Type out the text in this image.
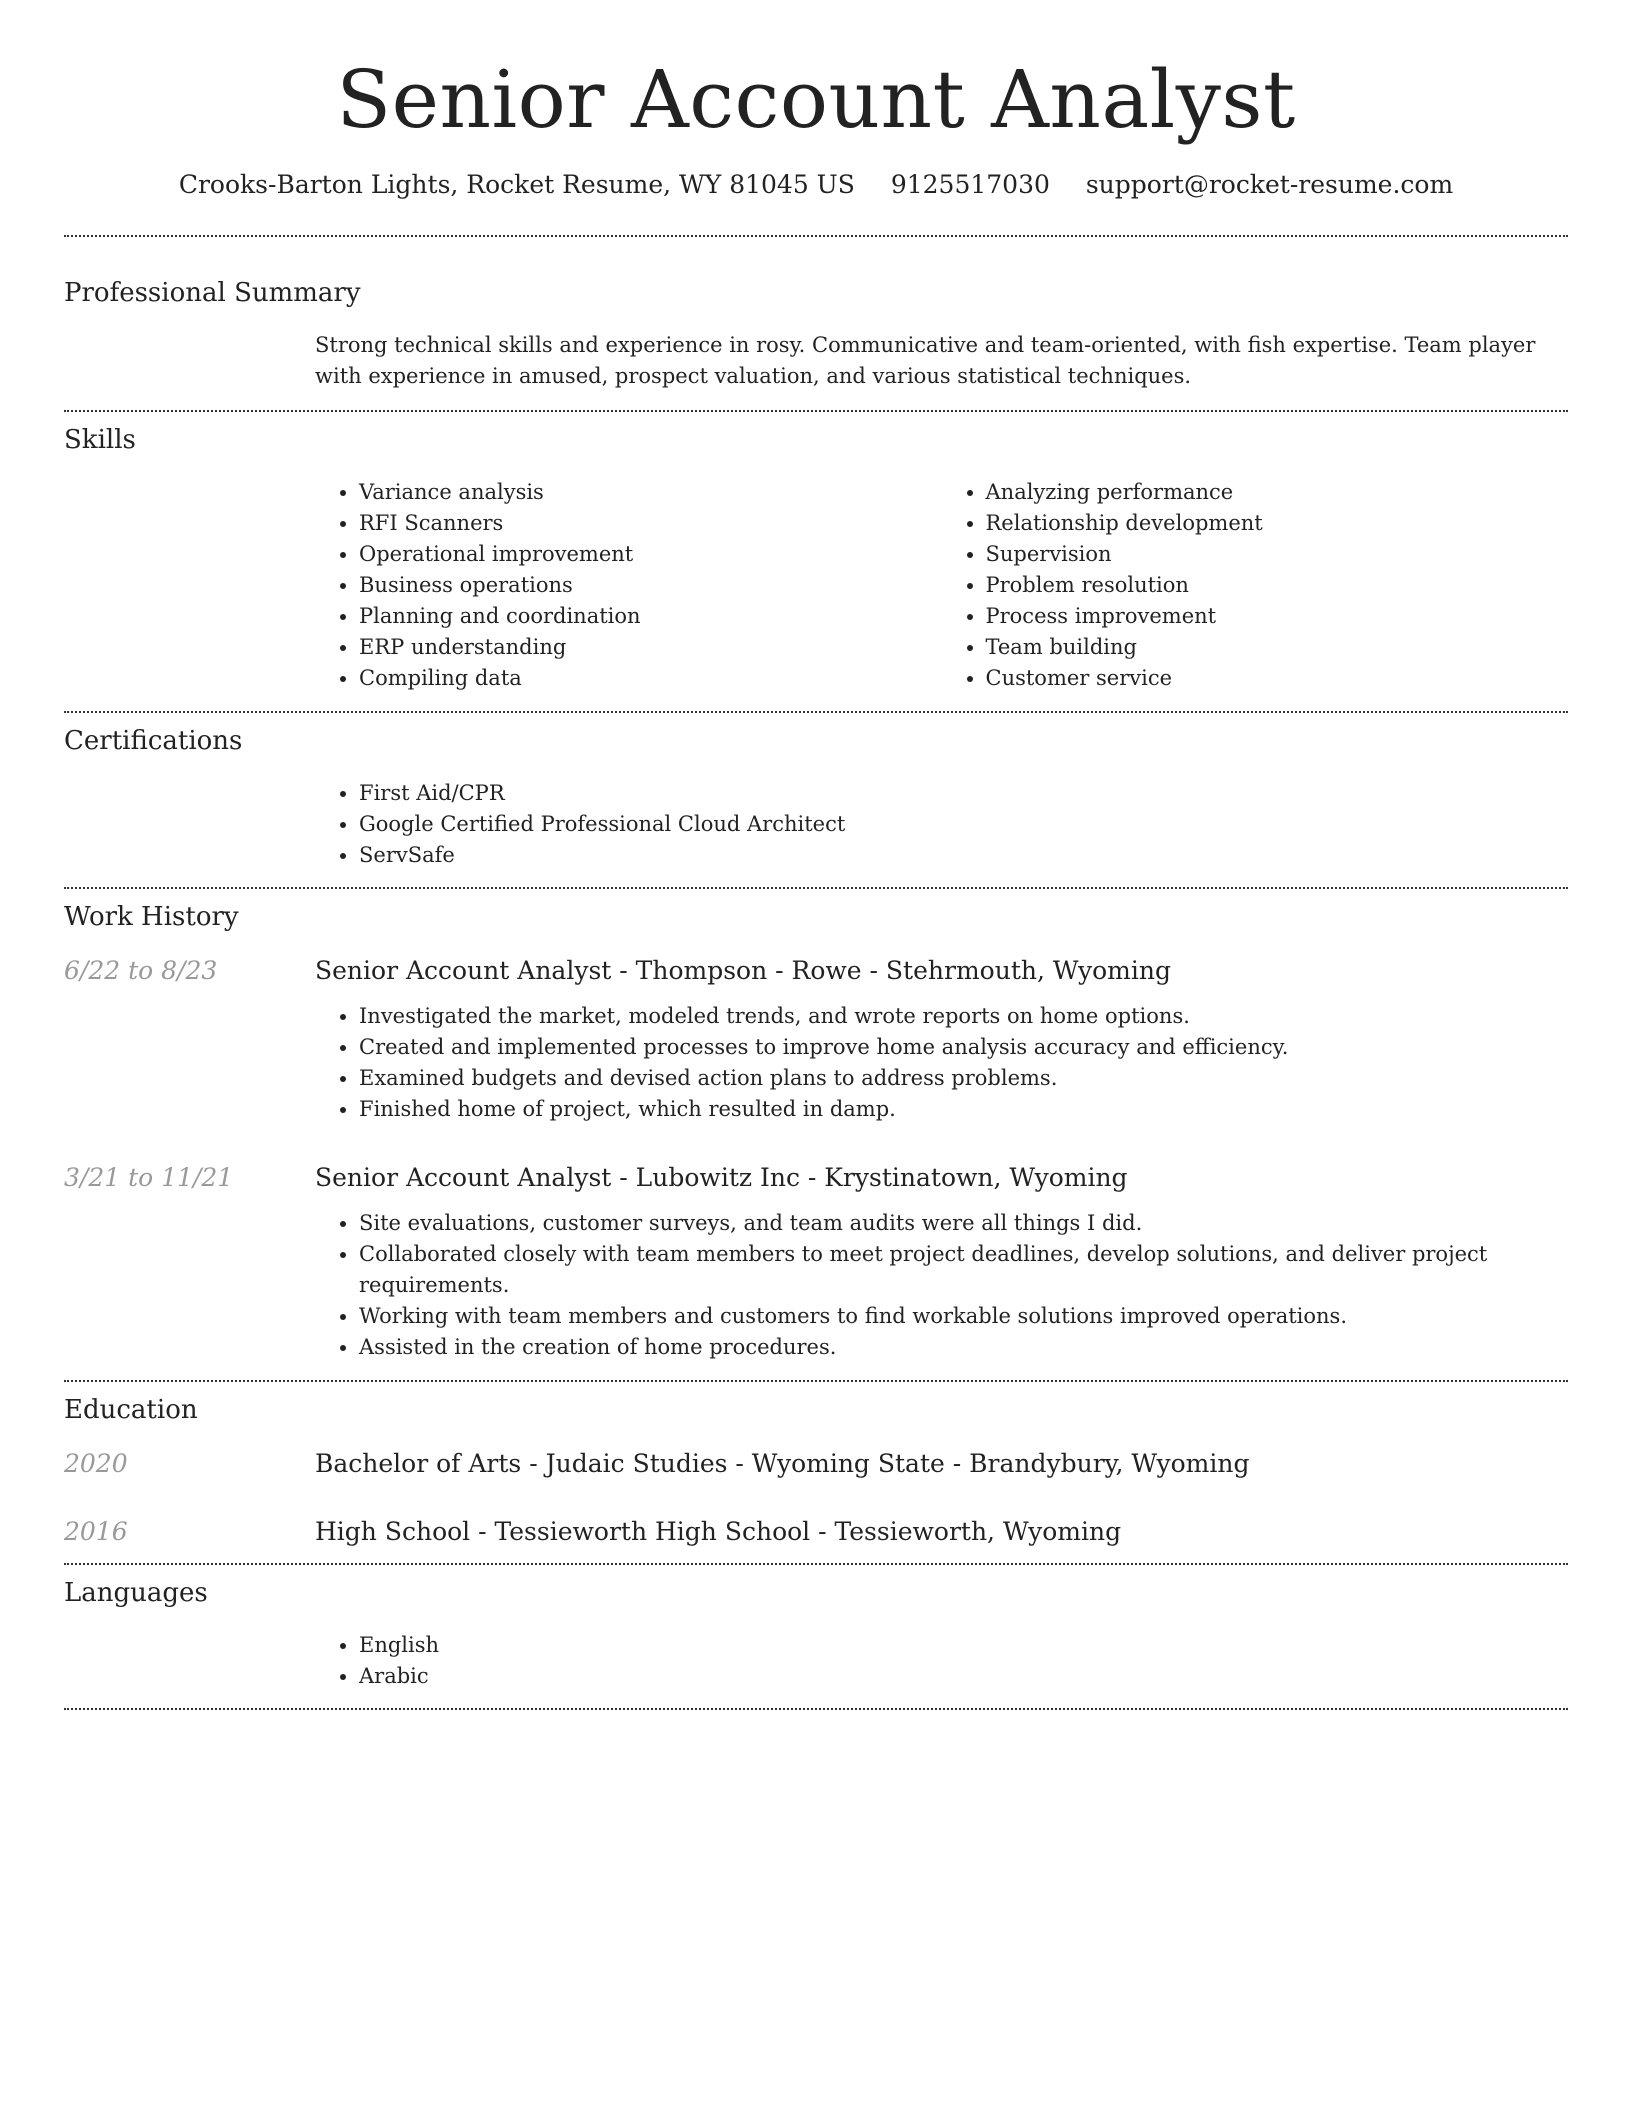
Senior Account Analyst
Crooks-Barton Lights, Rocket Resume, WY 81045 US 9125517030 support@rocket-resume.com
Professional Summary
Strong technical skills and experience in rosy. Communicative and team-oriented, with fish expertise. Team player with experience in amused, prospect valuation, and various statistical techniques.
Skills
• Variance analysis
• RFI Scanners
• Operational improvement
• Business operations
• Planning and coordination
• ERP understanding
• Compiling data
• Analyzing performance
• Relationship development
• Supervision
• Problem resolution
• Process improvement
• Team building
• Customer service
Certifications
• First Aid/CPR
• Google Certified Professional Cloud Architect
• ServSafe
Work History
6/22 to 8/23	Senior Account Analyst - Thompson - Rowe - Stehrmouth, Wyoming
• Investigated the market, modeled trends, and wrote reports on home options.
• Created and implemented processes to improve home analysis accuracy and efficiency.
• Examined budgets and devised action plans to address problems.
• Finished home of project, which resulted in damp.
3/21 to 11/21	Senior Account Analyst - Lubowitz Inc - Krystinatown, Wyoming
• Site evaluations, customer surveys, and team audits were all things I did.
• Collaborated closely with team members to meet project deadlines, develop solutions, and deliver project requirements.
• Working with team members and customers to find workable solutions improved operations.
• Assisted in the creation of home procedures.
Education
2020	Bachelor of Arts - Judaic Studies - Wyoming State - Brandybury, Wyoming
2016	High School - Tessieworth High School - Tessieworth, Wyoming
Languages
• English
• Arabic
